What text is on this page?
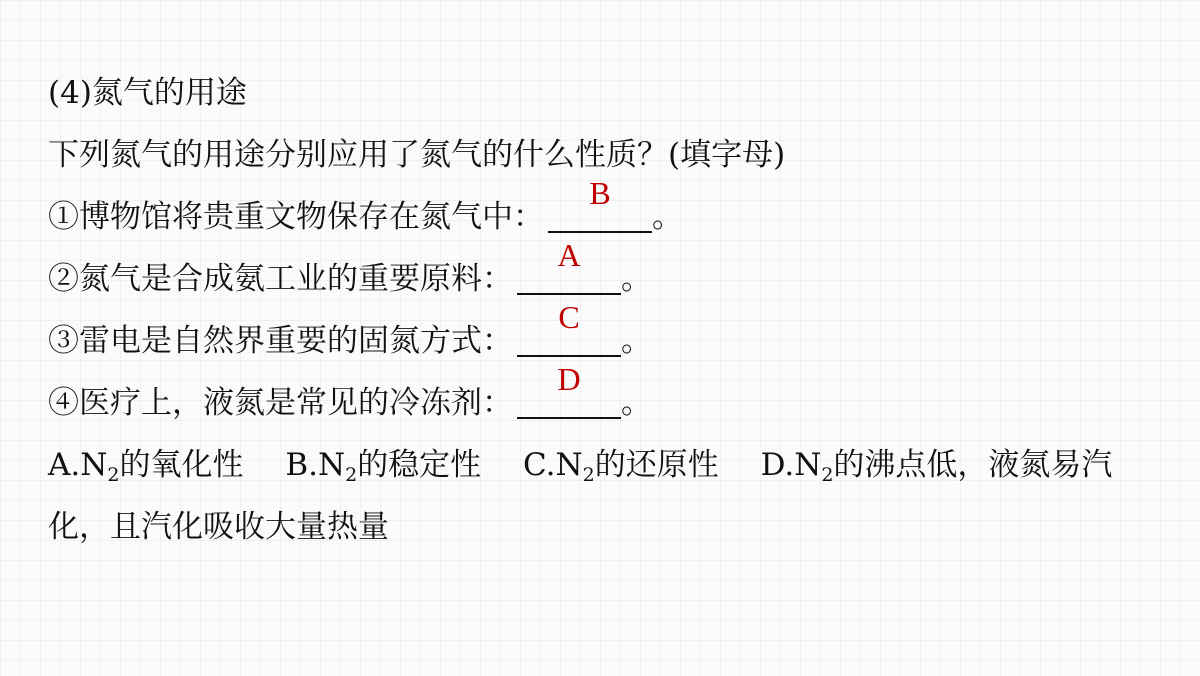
(4)氮气的用途
下列氮气的用途分别应用了氮气的什么性质？(填字母)
①博物馆将贵重文物保存在氮气中：
B
。
②氮气是合成氨工业的重要原料：
A
。
③雷电是自然界重要的固氮方式：
C
。
④医疗上，液氮是常见的冷冻剂：
D
。
$A.N_2$的氧化性 $B.N_2$的稳定性 $C.N_2$的还原性 $D.N_2$的沸点低，液氮易汽化，且汽化吸收大量热量
